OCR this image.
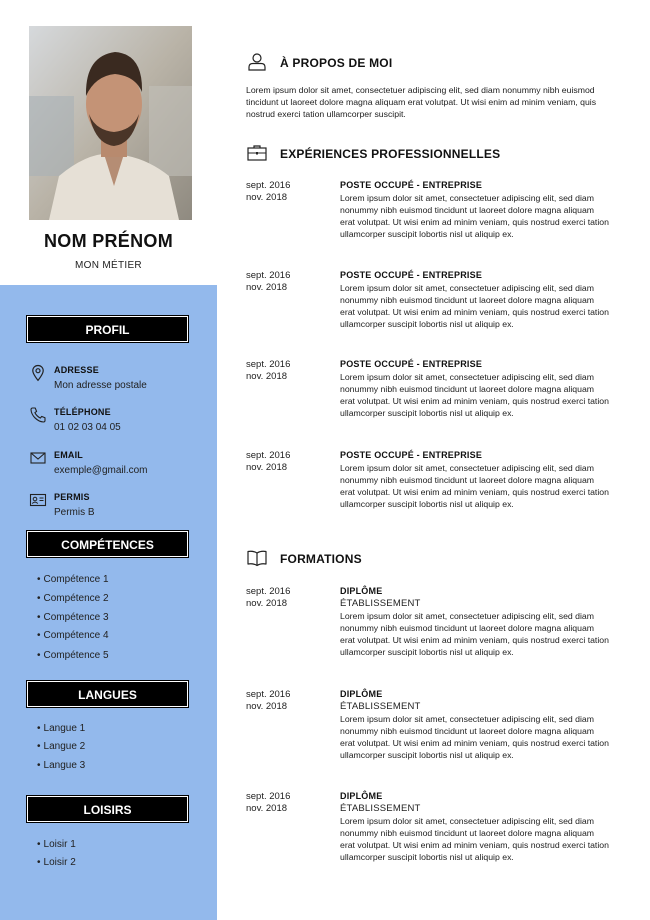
NOM PRÉNOM
MON MÉTIER
PROFIL
ADRESSE
Mon adresse postale
TÉLÉPHONE
01 02 03 04 05
EMAIL
exemple@gmail.com
PERMIS
Permis B
COMPÉTENCES
• Compétence 1
• Compétence 2
• Compétence 3
• Compétence 4
• Compétence 5
LANGUES
• Langue 1
• Langue 2
• Langue 3
LOISIRS
• Loisir 1
• Loisir 2
À PROPOS DE MOI
Lorem ipsum dolor sit amet, consectetuer adipiscing elit, sed diam nonummy nibh euismod tincidunt ut laoreet dolore magna aliquam erat volutpat. Ut wisi enim ad minim veniam, quis nostrud exerci tation ullamcorper suscipit.
EXPÉRIENCES PROFESSIONNELLES
sept. 2016
nov. 2018
POSTE OCCUPÉ - ENTREPRISE
Lorem ipsum dolor sit amet, consectetuer adipiscing elit, sed diam nonummy nibh euismod tincidunt ut laoreet dolore magna aliquam erat volutpat. Ut wisi enim ad minim veniam, quis nostrud exerci tation ullamcorper suscipit lobortis nisl ut aliquip ex.
sept. 2016
nov. 2018
POSTE OCCUPÉ - ENTREPRISE
Lorem ipsum dolor sit amet, consectetuer adipiscing elit, sed diam nonummy nibh euismod tincidunt ut laoreet dolore magna aliquam erat volutpat. Ut wisi enim ad minim veniam, quis nostrud exerci tation ullamcorper suscipit lobortis nisl ut aliquip ex.
sept. 2016
nov. 2018
POSTE OCCUPÉ - ENTREPRISE
Lorem ipsum dolor sit amet, consectetuer adipiscing elit, sed diam nonummy nibh euismod tincidunt ut laoreet dolore magna aliquam erat volutpat. Ut wisi enim ad minim veniam, quis nostrud exerci tation ullamcorper suscipit lobortis nisl ut aliquip ex.
sept. 2016
nov. 2018
POSTE OCCUPÉ - ENTREPRISE
Lorem ipsum dolor sit amet, consectetuer adipiscing elit, sed diam nonummy nibh euismod tincidunt ut laoreet dolore magna aliquam erat volutpat. Ut wisi enim ad minim veniam, quis nostrud exerci tation ullamcorper suscipit lobortis nisl ut aliquip ex.
FORMATIONS
sept. 2016
nov. 2018
DIPLÔME
ÉTABLISSEMENT
Lorem ipsum dolor sit amet, consectetuer adipiscing elit, sed diam nonummy nibh euismod tincidunt ut laoreet dolore magna aliquam erat volutpat. Ut wisi enim ad minim veniam, quis nostrud exerci tation ullamcorper suscipit lobortis nisl ut aliquip ex.
sept. 2016
nov. 2018
DIPLÔME
ÉTABLISSEMENT
Lorem ipsum dolor sit amet, consectetuer adipiscing elit, sed diam nonummy nibh euismod tincidunt ut laoreet dolore magna aliquam erat volutpat. Ut wisi enim ad minim veniam, quis nostrud exerci tation ullamcorper suscipit lobortis nisl ut aliquip ex.
sept. 2016
nov. 2018
DIPLÔME
ÉTABLISSEMENT
Lorem ipsum dolor sit amet, consectetuer adipiscing elit, sed diam nonummy nibh euismod tincidunt ut laoreet dolore magna aliquam erat volutpat. Ut wisi enim ad minim veniam, quis nostrud exerci tation ullamcorper suscipit lobortis nisl ut aliquip ex.
